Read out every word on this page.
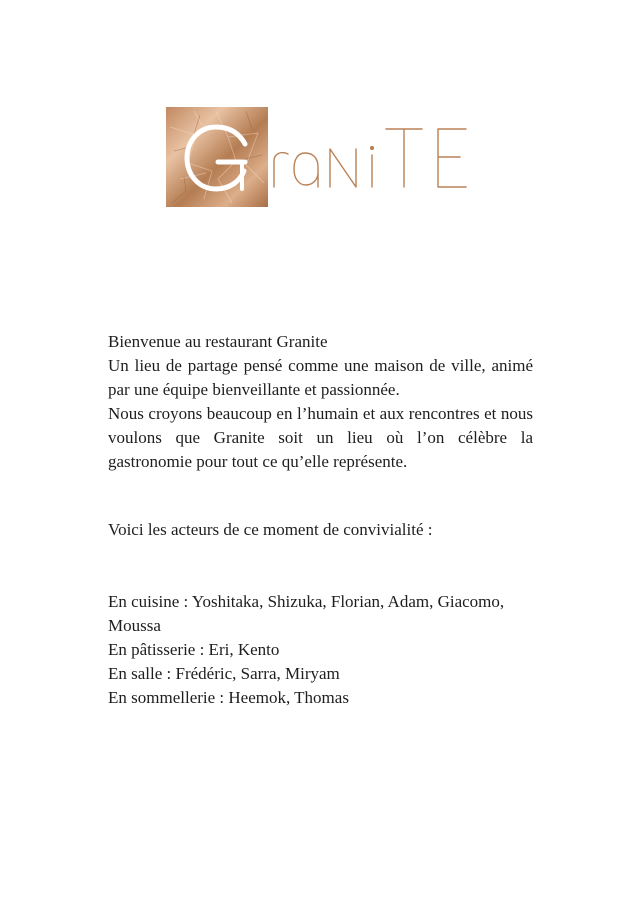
Bienvenue au restaurant Granite

Un lieu de partage pensé comme une maison de ville, animé par une équipe bienveillante et passionnée.

Nous croyons beaucoup en l’humain et aux rencontres et nous voulons que Granite soit un lieu où l’on célèbre la gastronomie pour tout ce qu’elle représente.

Voici les acteurs de ce moment de convivialité :

En cuisine : Yoshitaka, Shizuka, Florian, Adam, Giacomo, Moussa

En pâtisserie : Eri, Kento

En salle : Frédéric, Sarra, Miryam

En sommellerie : Heemok, Thomas
